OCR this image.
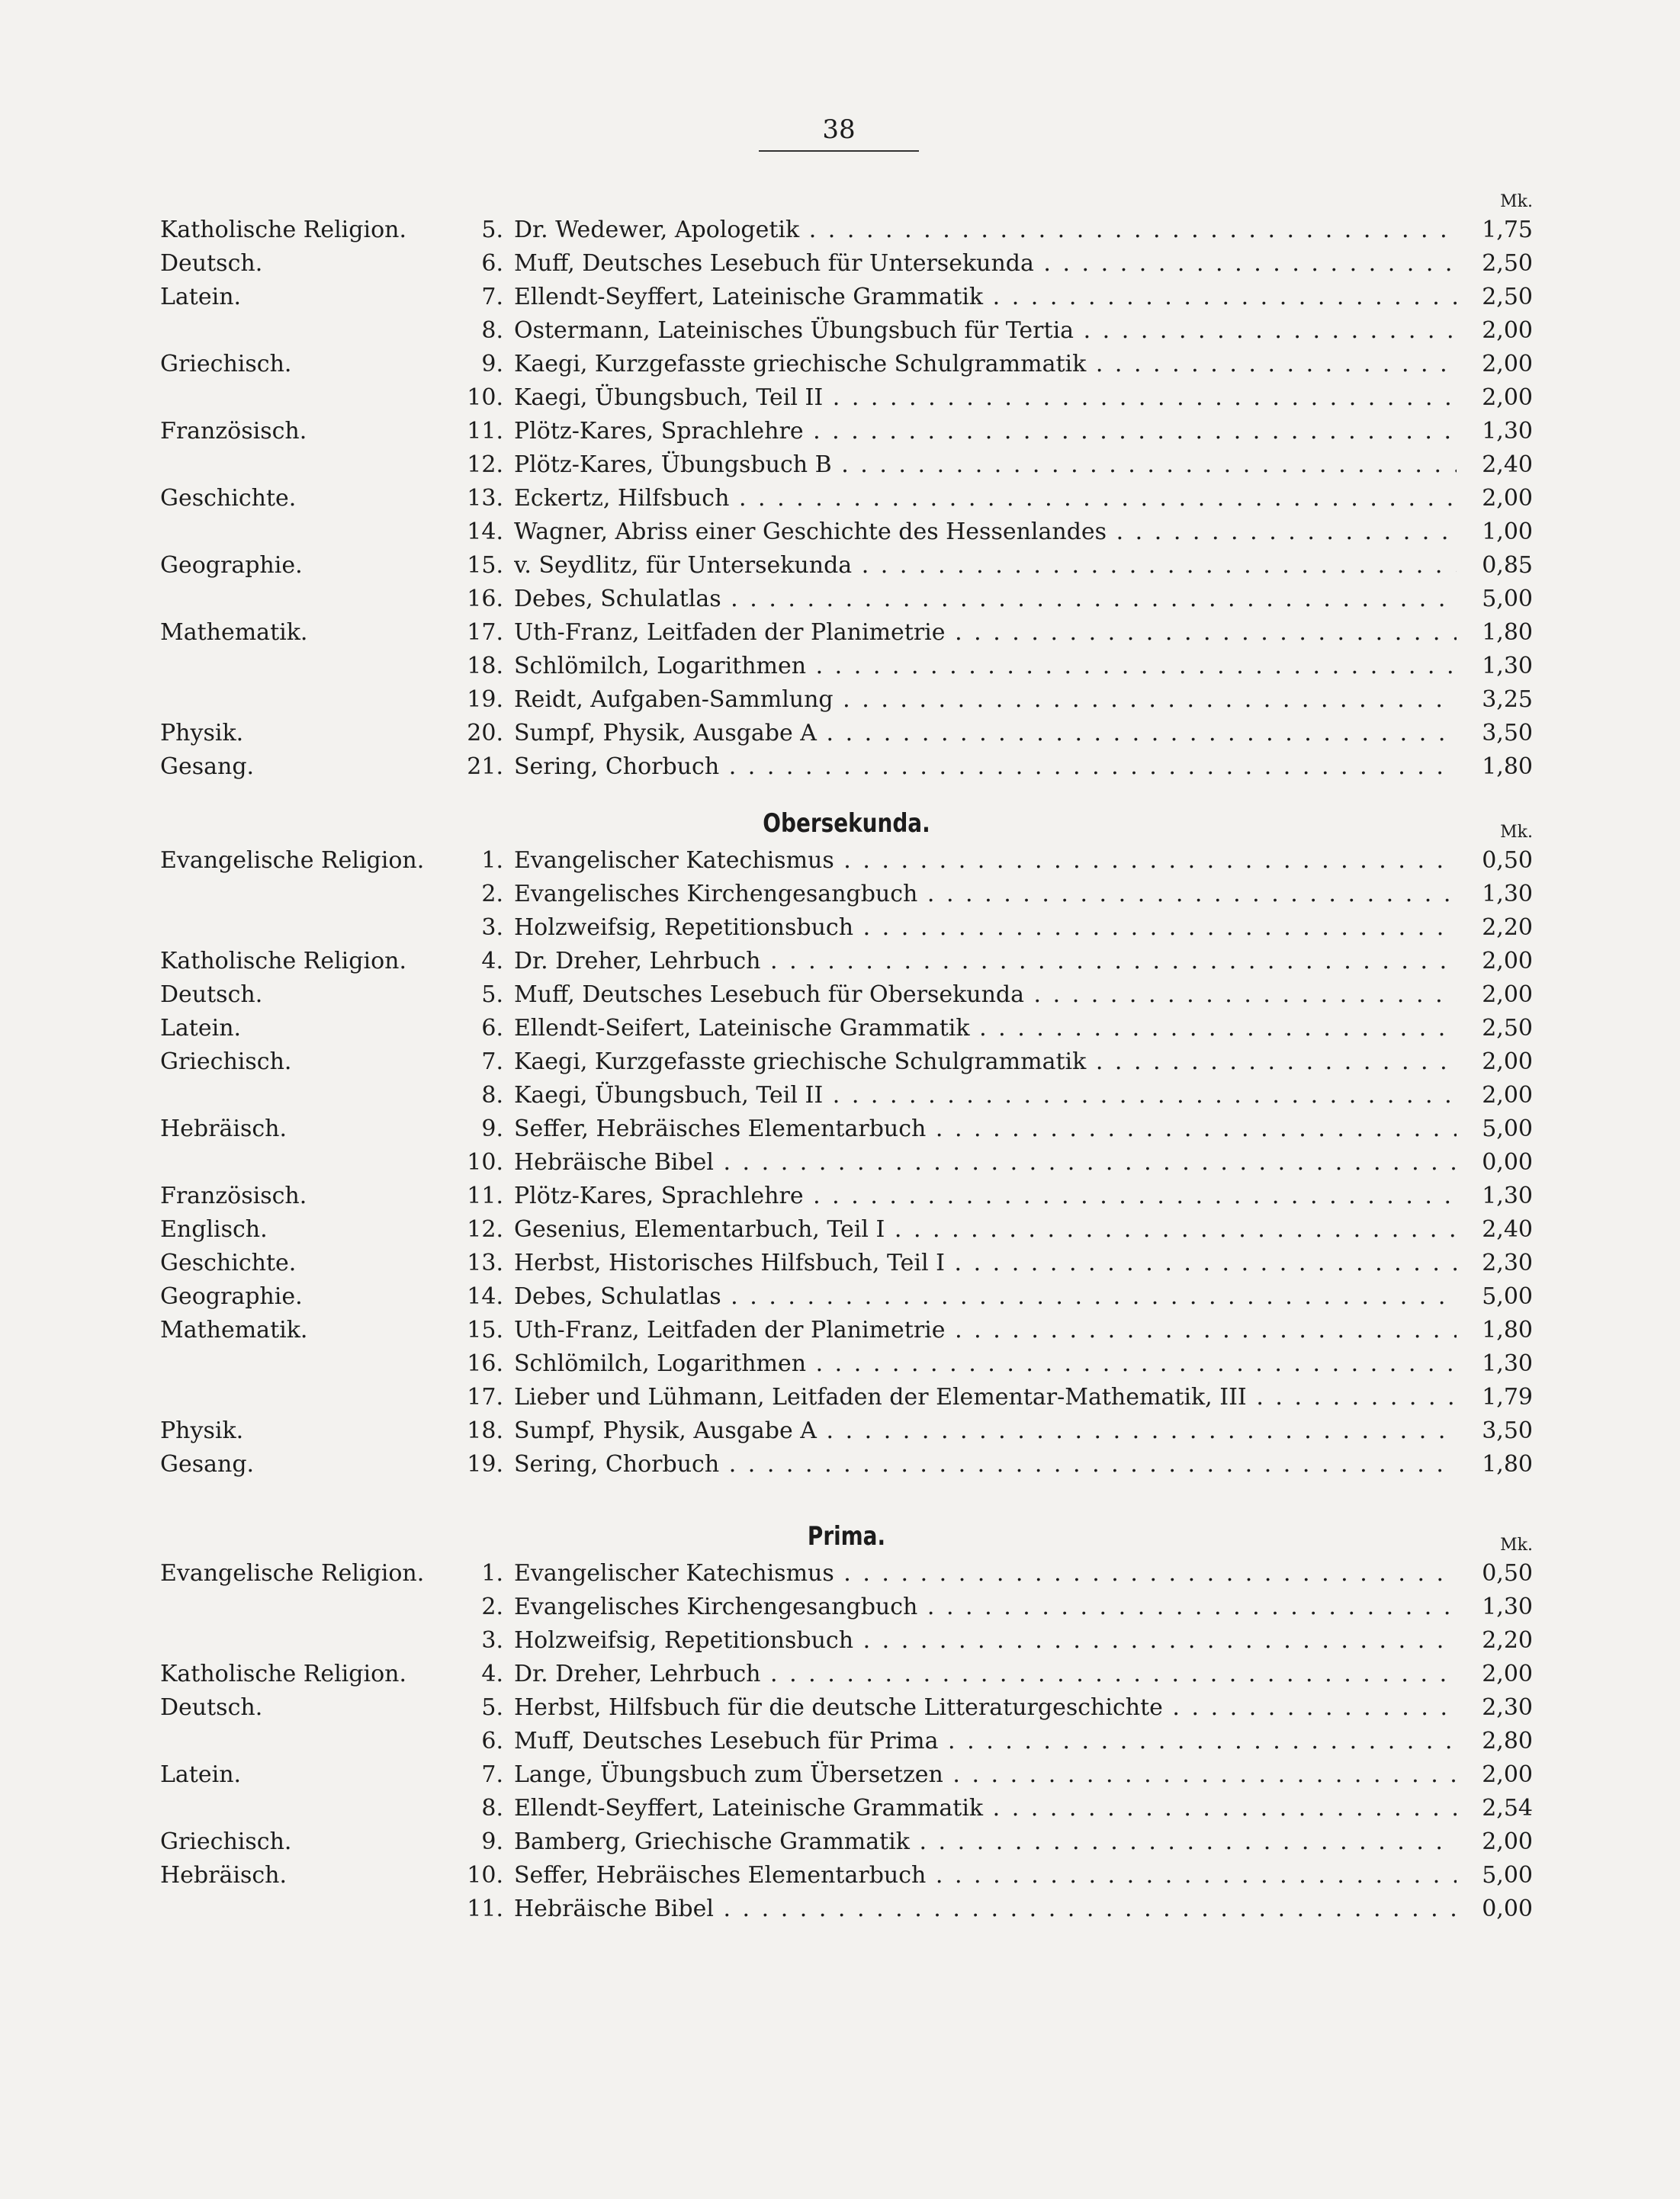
38
Mk.
Katholische Religion.	5. Dr. Wedewer, Apologetik . . .	1,75
Deutsch.	6. Muff, Deutsches Lesebuch für Untersekunda . . .	2,50
Latein.	7. Ellendt-Seyffert, Lateinische Grammatik . . .	2,50
8. Ostermann, Lateinisches Übungsbuch für Tertia . . .	2,00
Griechisch.	9. Kaegi, Kurzgefasste griechische Schulgrammatik . . .	2,00
10. Kaegi, Übungsbuch, Teil II . . .	2,00
Französisch.	11. Plötz-Kares, Sprachlehre . . .	1,30
12. Plötz-Kares, Übungsbuch B . . .	2,40
Geschichte.	13. Eckertz, Hilfsbuch . . .	2,00
14. Wagner, Abriss einer Geschichte des Hessenlandes . . .	1,00
Geographie.	15. v. Seydlitz, für Untersekunda . . .	0,85
16. Debes, Schulatlas . . .	5,00
Mathematik.	17. Uth-Franz, Leitfaden der Planimetrie . . .	1,80
18. Schlömilch, Logarithmen . . .	1,30
19. Reidt, Aufgaben-Sammlung . . .	3,25
Physik.	20. Sumpf, Physik, Ausgabe A . . .	3,50
Gesang.	21. Sering, Chorbuch . . .	1,80
Obersekunda.	Mk.
Evangelische Religion.	1. Evangelischer Katechismus . . .	0,50
2. Evangelisches Kirchengesangbuch . . .	1,30
3. Holzweifsig, Repetitionsbuch . . .	2,20
Katholische Religion.	4. Dr. Dreher, Lehrbuch . . .	2,00
Deutsch.	5. Muff, Deutsches Lesebuch für Obersekunda . . .	2,00
Latein.	6. Ellendt-Seifert, Lateinische Grammatik . . .	2,50
Griechisch.	7. Kaegi, Kurzgefasste griechische Schulgrammatik . . .	2,00
8. Kaegi, Übungsbuch, Teil II . . .	2,00
Hebräisch.	9. Seffer, Hebräisches Elementarbuch . . .	5,00
10. Hebräische Bibel . . .	0,00
Französisch.	11. Plötz-Kares, Sprachlehre . . .	1,30
Englisch.	12. Gesenius, Elementarbuch, Teil I . . .	2,40
Geschichte.	13. Herbst, Historisches Hilfsbuch, Teil I . . .	2,30
Geographie.	14. Debes, Schulatlas . . .	5,00
Mathematik.	15. Uth-Franz, Leitfaden der Planimetrie . . .	1,80
16. Schlömilch, Logarithmen . . .	1,30
17. Lieber und Lühmann, Leitfaden der Elementar-Mathematik, III . . .	1,79
Physik.	18. Sumpf, Physik, Ausgabe A . . .	3,50
Gesang.	19. Sering, Chorbuch . . .	1,80
Prima.	Mk.
Evangelische Religion.	1. Evangelischer Katechismus . . .	0,50
2. Evangelisches Kirchengesangbuch . . .	1,30
3. Holzweifsig, Repetitionsbuch . . .	2,20
Katholische Religion.	4. Dr. Dreher, Lehrbuch . . .	2,00
Deutsch.	5. Herbst, Hilfsbuch für die deutsche Litteraturgeschichte . . .	2,30
6. Muff, Deutsches Lesebuch für Prima . . .	2,80
Latein.	7. Lange, Übungsbuch zum Übersetzen . . .	2,00
8. Ellendt-Seyffert, Lateinische Grammatik . . .	2,54
Griechisch.	9. Bamberg, Griechische Grammatik . . .	2,00
Hebräisch.	10. Seffer, Hebräisches Elementarbuch . . .	5,00
11. Hebräische Bibel . . .	0,00
